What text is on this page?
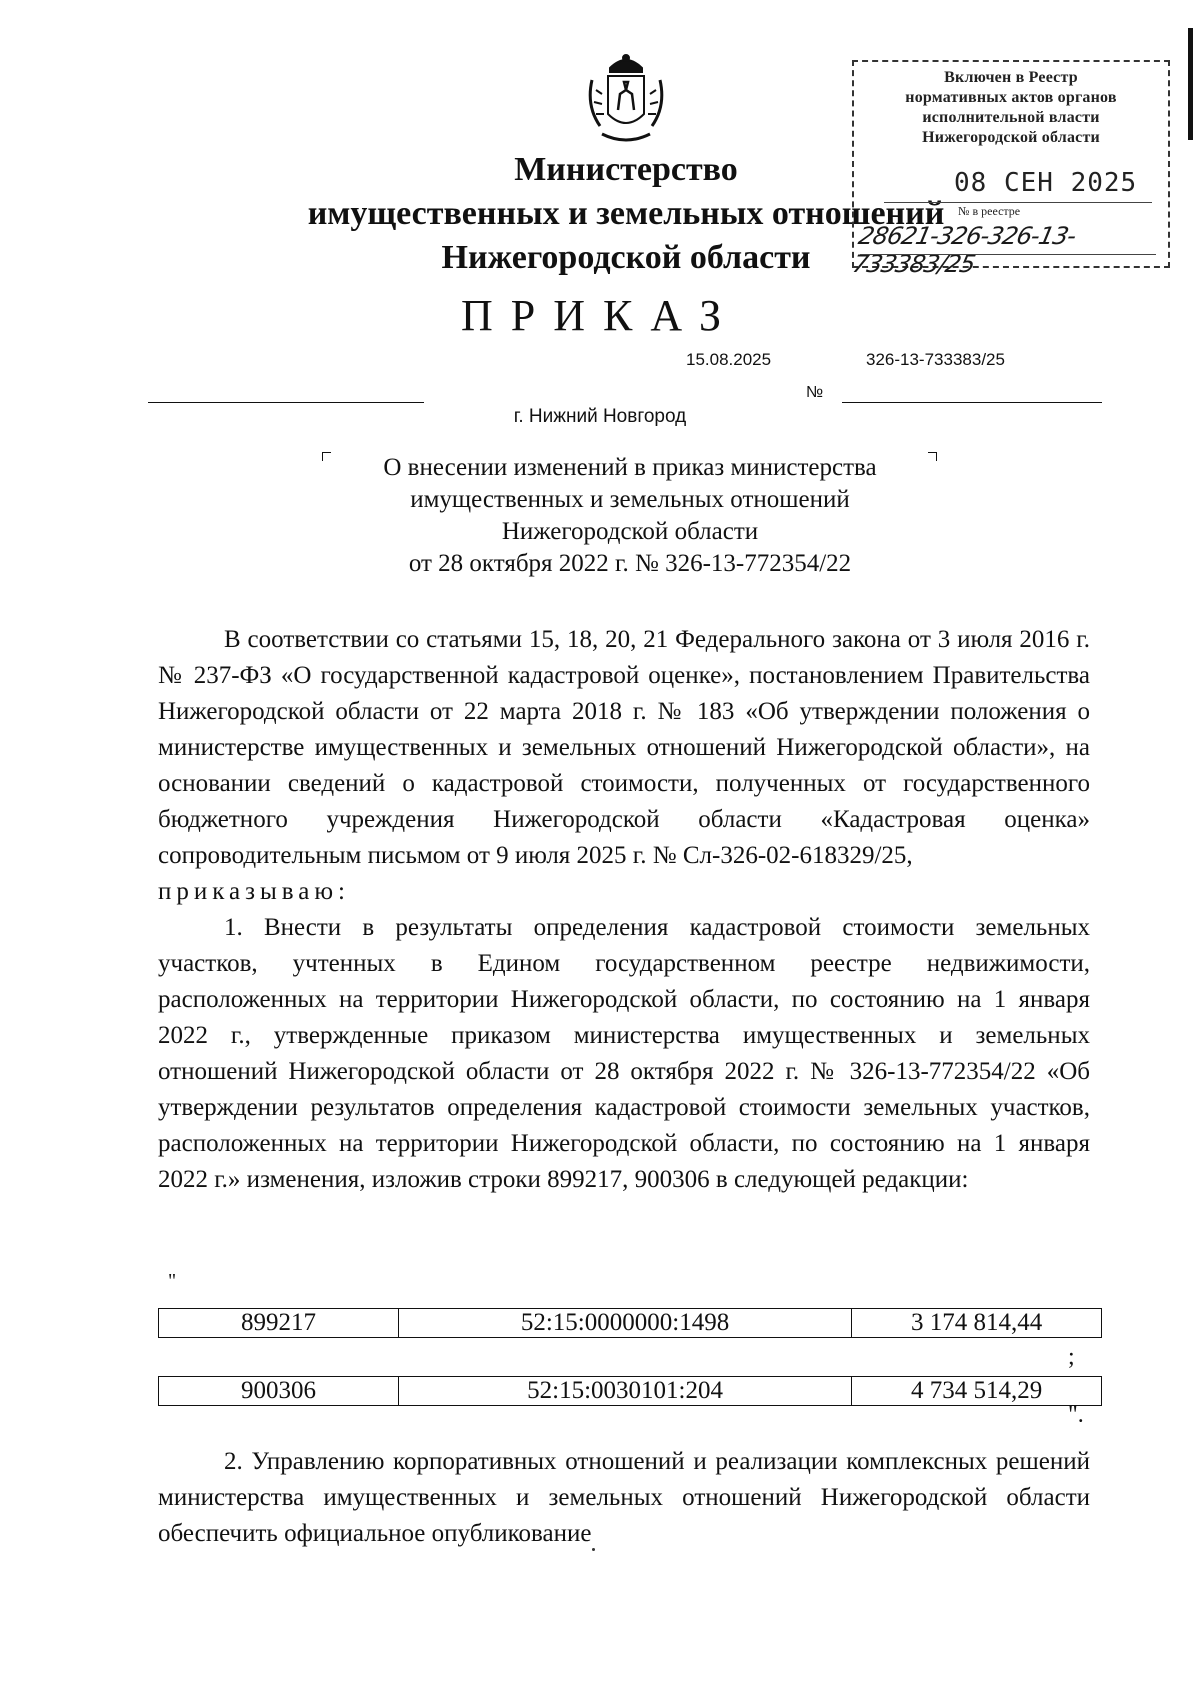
Министерство
имущественных и земельных отношений
Нижегородской области
Включен в Реестр
нормативных актов органов
исполнительной власти
Нижегородской области
08 СЕН 2025
№ в реестре
28621-326-326-13-733383/25
ПРИКАЗ
15.08.2025	326-13-733383/25
№
г. Нижний Новгород
О внесении изменений в приказ министерства
имущественных и земельных отношений
Нижегородской области
от 28 октября 2022 г. № 326-13-772354/22

В соответствии со статьями 15, 18, 20, 21 Федерального закона от 3 июля 2016 г. № 237-ФЗ «О государственной кадастровой оценке», постановлением Правительства Нижегородской области от 22 марта 2018 г. № 183 «Об утверждении положения о министерстве имущественных и земельных отношений Нижегородской области», на основании сведений о кадастровой стоимости, полученных от государственного бюджетного учреждения Нижегородской области «Кадастровая оценка» сопроводительным письмом от 9 июля 2025 г. № Сл-326-02-618329/25,

приказываю:

1. Внести в результаты определения кадастровой стоимости земельных участков, учтенных в Едином государственном реестре недвижимости, расположенных на территории Нижегородской области, по состоянию на 1 января 2022 г., утвержденные приказом министерства имущественных и земельных отношений Нижегородской области от 28 октября 2022 г. № 326-13-772354/22 «Об утверждении результатов определения кадастровой стоимости земельных участков, расположенных на территории Нижегородской области, по состоянию на 1 января 2022 г.» изменения, изложив строки 899217, 900306 в следующей редакции:

"
899217	52:15:0000000:1498	3 174 814,44
;
900306	52:15:0030101:204	4 734 514,29
".

2. Управлению корпоративных отношений и реализации комплексных решений министерства имущественных и земельных отношений Нижегородской области обеспечить официальное опубликование
